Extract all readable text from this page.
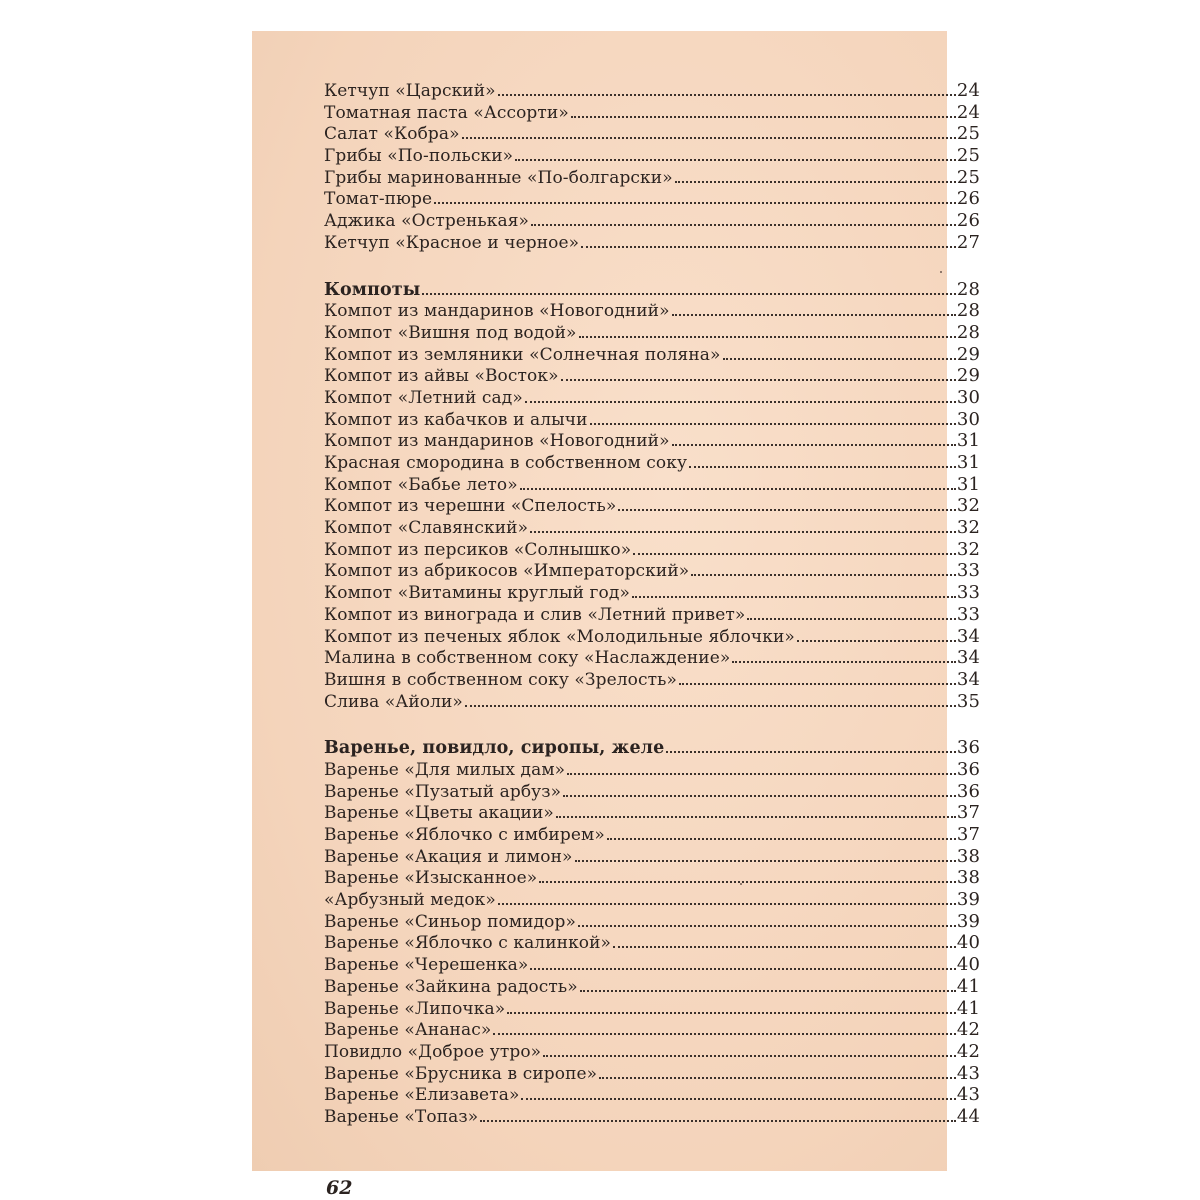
Кетчуп «Царский»	24
Томатная паста «Ассорти»	24
Салат «Кобра»	25
Грибы «По-польски»	25
Грибы маринованные «По-болгарски»	25
Томат-пюре	26
Аджика «Остренькая»	26
Кетчуп «Красное и черное»	27
Компоты	28
Компот из мандаринов «Новогодний»	28
Компот «Вишня под водой»	28
Компот из земляники «Солнечная поляна»	29
Компот из айвы «Восток»	29
Компот «Летний сад»	30
Компот из кабачков и алычи	30
Компот из мандаринов «Новогодний»	31
Красная смородина в собственном соку	31
Компот «Бабье лето»	31
Компот из черешни «Спелость»	32
Компот «Славянский»	32
Компот из персиков «Солнышко»	32
Компот из абрикосов «Императорский»	33
Компот «Витамины круглый год»	33
Компот из винограда и слив «Летний привет»	33
Компот из печеных яблок «Молодильные яблочки»	34
Малина в собственном соку «Наслаждение»	34
Вишня в собственном соку «Зрелость»	34
Слива «Айоли»	35
Варенье, повидло, сиропы, желе	36
Варенье «Для милых дам»	36
Варенье «Пузатый арбуз»	36
Варенье «Цветы акации»	37
Варенье «Яблочко с имбирем»	37
Варенье «Акация и лимон»	38
Варенье «Изысканное»	38
«Арбузный медок»	39
Варенье «Синьор помидор»	39
Варенье «Яблочко с калинкой»	40
Варенье «Черешенка»	40
Варенье «Зайкина радость»	41
Варенье «Липочка»	41
Варенье «Ананас»	42
Повидло «Доброе утро»	42
Варенье «Брусника в сиропе»	43
Варенье «Елизавета»	43
Варенье «Топаз»	44
62
